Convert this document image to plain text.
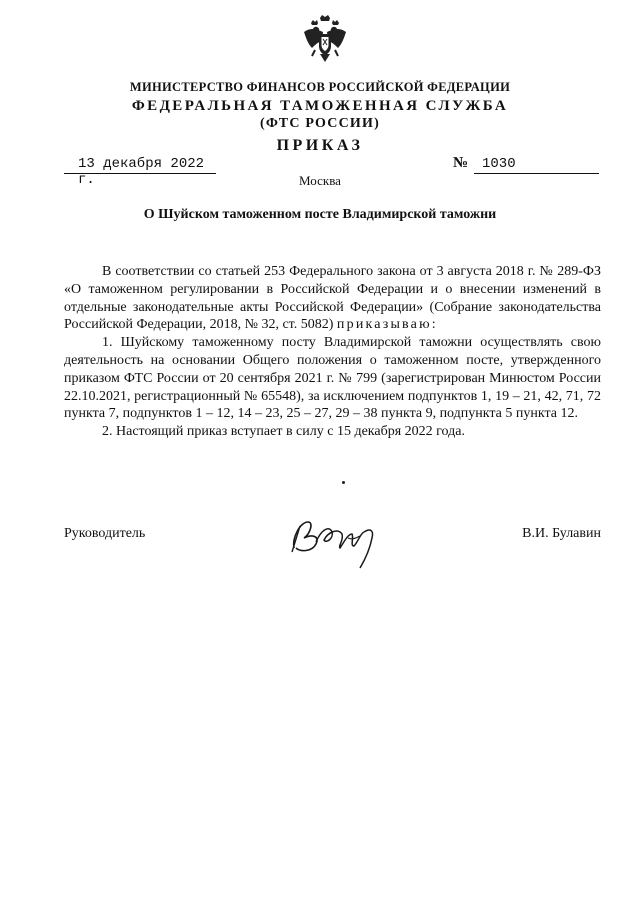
МИНИСТЕРСТВО ФИНАНСОВ РОССИЙСКОЙ ФЕДЕРАЦИИ
ФЕДЕРАЛЬНАЯ ТАМОЖЕННАЯ СЛУЖБА
(ФТС РОССИИ)
ПРИКАЗ
13 декабря 2022 г.
№ 1030
Москва
О Шуйском таможенном посте Владимирской таможни

В соответствии со статьей 253 Федерального закона от 3 августа 2018 г. № 289-ФЗ «О таможенном регулировании в Российской Федерации и о внесении изменений в отдельные законодательные акты Российской Федерации» (Собрание законодательства Российской Федерации, 2018, № 32, ст. 5082) приказываю:

1. Шуйскому таможенному посту Владимирской таможни осуществлять свою деятельность на основании Общего положения о таможенном посте, утвержденного приказом ФТС России от 20 сентября 2021 г. № 799 (зарегистрирован Минюстом России 22.10.2021, регистрационный № 65548), за исключением подпунктов 1, 19 – 21, 42, 71, 72 пункта 7, подпунктов 1 – 12, 14 – 23, 25 – 27, 29 – 38 пункта 9, подпункта 5 пункта 12.

2. Настоящий приказ вступает в силу с 15 декабря 2022 года.

Руководитель	В.И. Булавин
